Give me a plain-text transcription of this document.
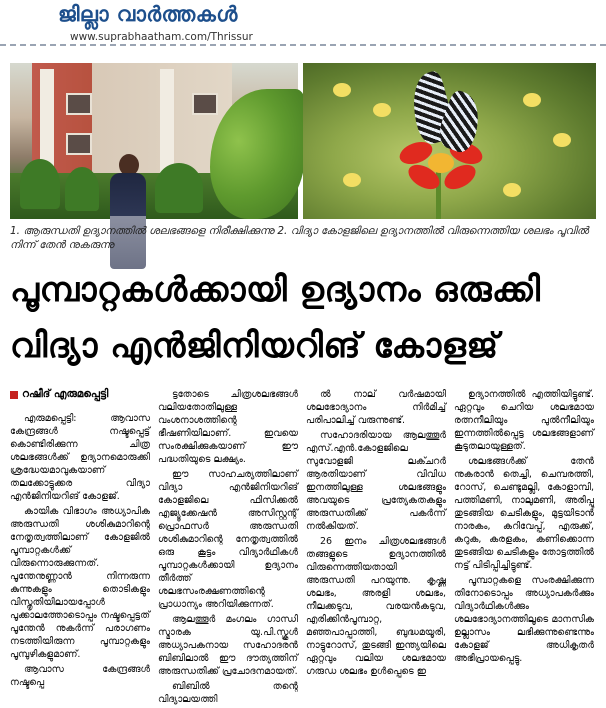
ജില്ലാ വാർത്തകൾ
www.suprabhaatham.com/Thrissur
1. ആരുന്ധതി ഉദ്യാനത്തിൽ ശലഭങ്ങളെ നിരീക്ഷിക്കുന്നു 2. വിദ്യാ കോളജിലെ ഉദ്യാനത്തിൽ വിരുന്നെത്തിയ ശലഭം പൂവിൽ നിന്ന് തേൻ നുകരുന്നു
പൂമ്പാറ്റകൾക്കായി ഉദ്യാനം ഒരുക്കി
വിദ്യാ എൻജിനിയറിങ് കോളജ്
റഷീദ് എരുമപ്പെട്ടി

എരുമപ്പെട്ടി: ആവാസ കേന്ദ്രങ്ങൾ നഷ്ടപ്പെട്ട് കൊണ്ടിരിക്കുന്ന ചിത്ര ശലഭങ്ങൾക്ക് ഉദ്യാനമൊരുക്കി ശ്രദ്ധേയമാവുകയാണ് തലക്കോട്ടുക്കര വിദ്യാ എൻജിനിയറിങ് കോളജ്.

കായിക വിഭാഗം അധ്യാപിക അരുന്ധതി ശശികുമാറിന്റെ നേതൃത്വത്തിലാണ് കോളജിൽ പൂമ്പാറ്റകൾക്ക് വിരുന്നൊരുക്കുന്നത്. പൂന്തേനുണ്ണാൻ നിന്നരുന്ന കുന്നുകളും തൊടികളും വിസ്തൃതിയിലായപ്പോൾ പൂക്കാലത്തോടൊപ്പം നഷ്ടപ്പെട്ടത് പൂന്തേൻ നുകർന്ന് പരാഗണം നടത്തിയിരുന്ന പൂമ്പാറ്റകളും പൂമ്പുഴികളുമാണ്.

ആവാസ കേന്ദ്രങ്ങൾ നഷ്ടപ്പെ

ട്ടതോടെ ചിത്രശലഭങ്ങൾ വലിയതോതിലുള്ള വംശനാശത്തിന്റെ ഭീഷണിയിലാണ്. ഇവയെ സംരക്ഷിക്കുകയാണ് ഈ പദ്ധതിയുടെ ലക്ഷ്യം.

ഈ സാഹചര്യത്തിലാണ് വിദ്യാ എൻജിനിയറിങ് കോളജിലെ ഫിസിക്കൽ എജ്യൂക്കേഷൻ അസിസ്റ്റന്റ് പ്രൊഫസർ അരുന്ധതി ശശികുമാറിന്റെ നേതൃത്വത്തിൽ ഒരു കൂട്ടം വിദ്യാർഥികൾ പൂമ്പാറ്റകൾക്കായി ഉദ്യാനം തീർത്ത് ശലഭസംരക്ഷണത്തിന്റെ പ്രാധാന്യം അറിയിക്കുന്നത്.

ആലത്തൂർ മംഗലം ഗാന്ധി സ്മാരക യു.പി.സ്കൂൾ അധ്യാപകനായ സഹോദരൻ ബിബിലാൽ ഈ ദൗത്യത്തിന് അരുന്ധതിക്ക് പ്രചോദനമായത്.

ബിബിൽ തന്റെ വിദ്യാലയത്തി

ൽ നാല് വർഷമായി ശലഭോദ്യാനം നിർമിച്ച് പരിപാലിച്ച് വരുന്നുണ്ട്.

സഹോദരിയായ ആലത്തൂർ എസ്.എൻ.കോളജിലെ സുവോളജി ലക്ചറർ ആരതിയാണ് വിവിധ ഇനത്തിലുള്ള ശലഭങ്ങളും അവയുടെ പ്രത്യേകതകളും അരുന്ധതിക്ക് പകർന്ന് നൽകിയത്.

26 ഇനം ചിത്രശലഭങ്ങൾ തങ്ങളുടെ ഉദ്യാനത്തിൽ വിരുന്നെത്തിയതായി അരുന്ധതി പറയുന്നു. കൃഷ്ണ ശലഭം, അരളി ശലഭം, നീലക്കടുവ, വരയൻകടുവ, എരിക്കിൻപൂമ്പാറ്റ, മഞ്ഞപാപ്പാത്തി, ബുദ്ധമയൂരി, നാട്ടുറോസ്, തുടങ്ങി ഇന്ത്യയിലെ ഏറ്റവും വലിയ ശലഭമായ ഗരുഡ ശലഭം ഉൾപ്പെടെ ഇ

ഉദ്യാനത്തിൽ എത്തിയിട്ടുണ്ട്. ഏറ്റവും ചെറിയ ശലഭമായ രത്നനീലിയും പുൽനീലിയും ഇന്നത്തിൽപ്പെട്ട ശലഭങ്ങളാണ് കൂടുതലായുള്ളത്.

ശലഭങ്ങൾക്ക് തേൻ നുകരാൻ തെച്ചി, ചെമ്പരത്തി, റോസ്, ചെണ്ടുമല്ലി, കോളാമ്പി, പത്തിമണി, നാലുമണി, അരിപ്പൂ തുടങ്ങിയ ചെടികളും, മുട്ടയിടാൻ നാരകം, കറിവേപ്പ്, എരുക്ക്, കറുക, കരളകം, കണിക്കൊന്ന തുടങ്ങിയ ചെടികളും തോട്ടത്തിൽ നട്ട് പിടിപ്പിച്ചിട്ടുണ്ട്.

പൂമ്പാറ്റകളെ സംരക്ഷിക്കുന്ന തിനോടൊപ്പം അധ്യാപകർക്കും വിദ്യാർഥികൾക്കും ശലഭോദ്യാനത്തിലൂടെ മാനസിക ഉല്ലാസം ലഭിക്കുന്നുണ്ടെന്നും കോളജ് അധികൃതർ അഭിപ്രായപ്പെട്ടു.
